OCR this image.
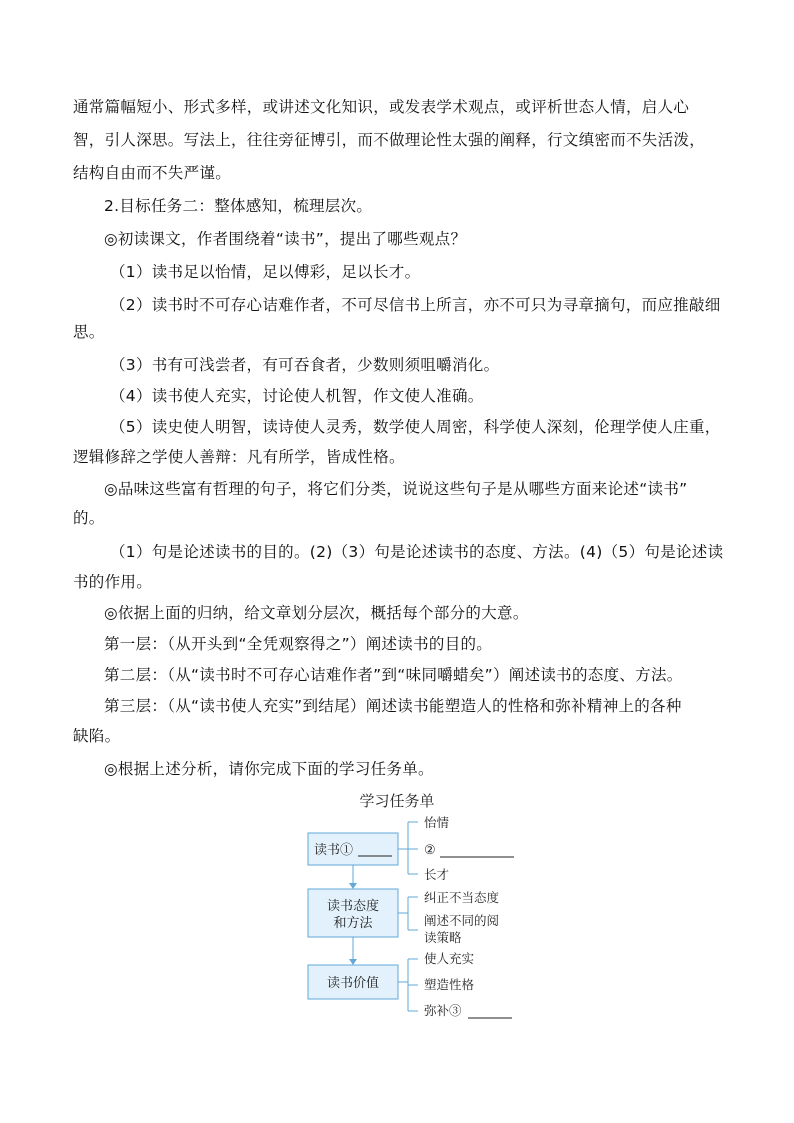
通常篇幅短小、形式多样，或讲述文化知识，或发表学术观点，或评析世态人情，启人心
智，引人深思。写法上，往往旁征博引，而不做理论性太强的阐释，行文缜密而不失活泼，
结构自由而不失严谨。
2.目标任务二：整体感知，梳理层次。
◎初读课文，作者围绕着“读书”，提出了哪些观点？
（1）读书足以怡情，足以傅彩，足以长才。
（2）读书时不可存心诘难作者，不可尽信书上所言，亦不可只为寻章摘句，而应推敲细
思。
（3）书有可浅尝者，有可吞食者，少数则须咀嚼消化。
（4）读书使人充实，讨论使人机智，作文使人准确。
（5）读史使人明智，读诗使人灵秀，数学使人周密，科学使人深刻，伦理学使人庄重，
逻辑修辞之学使人善辩：凡有所学，皆成性格。
◎品味这些富有哲理的句子，将它们分类，说说这些句子是从哪些方面来论述“读书”
的。
（1）句是论述读书的目的。(2)（3）句是论述读书的态度、方法。(4)（5）句是论述读
书的作用。
◎依据上面的归纳，给文章划分层次，概括每个部分的大意。
第一层：（从开头到“全凭观察得之”）阐述读书的目的。
第二层：（从“读书时不可存心诘难作者”到“味同嚼蜡矣”）阐述读书的态度、方法。
第三层：（从“读书使人充实”到结尾）阐述读书能塑造人的性格和弥补精神上的各种
缺陷。
◎根据上述分析，请你完成下面的学习任务单。
学习任务单
读书①
读书态度
和方法
读书价值
怡情
②
长才
纠正不当态度
阐述不同的阅
读策略
使人充实
塑造性格
弥补③
